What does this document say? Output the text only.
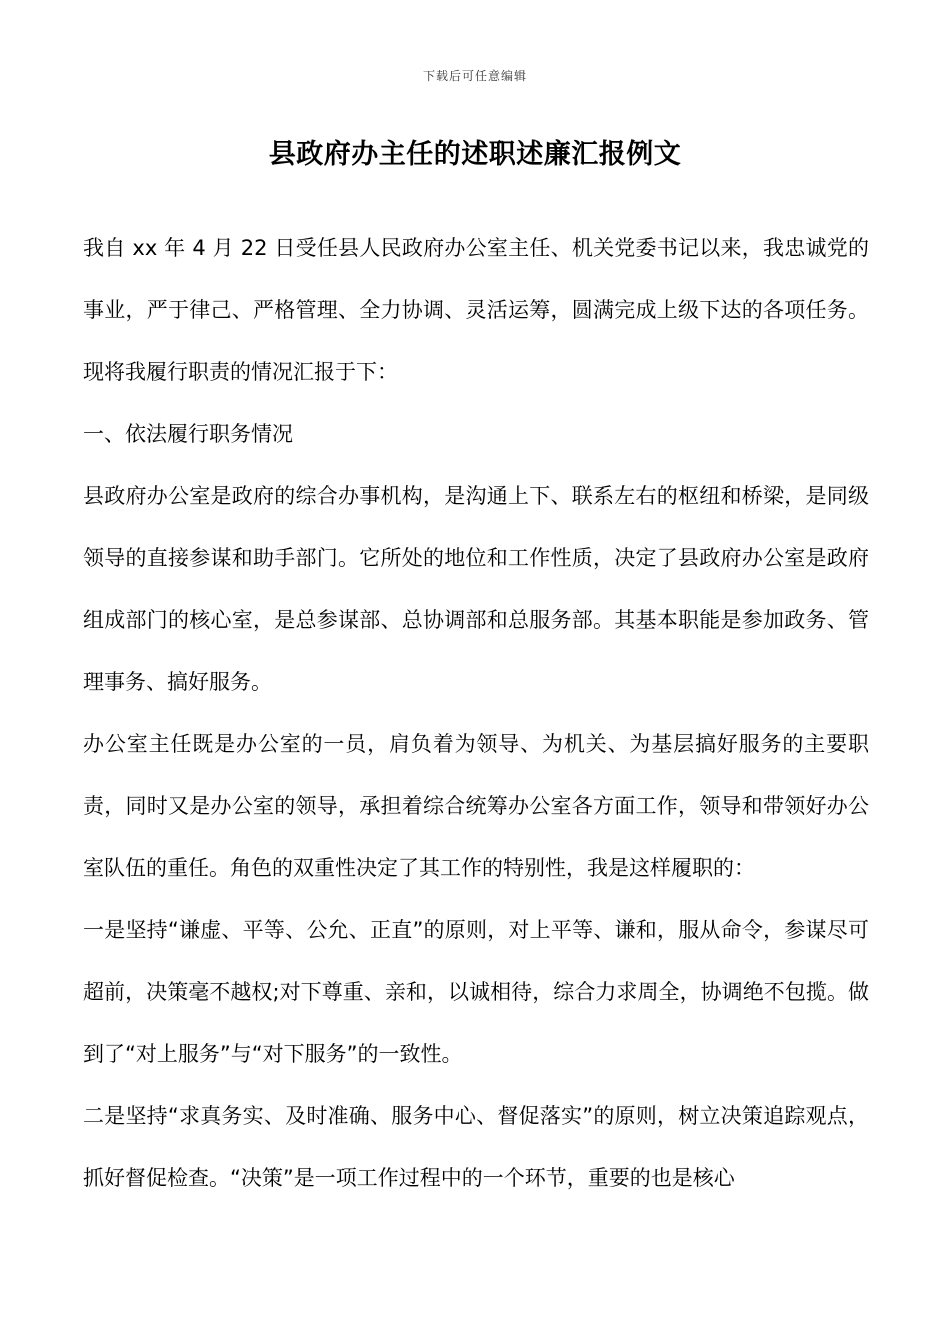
下载后可任意编辑
县政府办主任的述职述廉汇报例文

我自 xx 年 4 月 22 日受任县人民政府办公室主任、机关党委书记以来，我忠诚党的事业，严于律己、严格管理、全力协调、灵活运筹，圆满完成上级下达的各项任务。现将我履行职责的情况汇报于下：

一、依法履行职务情况

县政府办公室是政府的综合办事机构，是沟通上下、联系左右的枢纽和桥梁，是同级领导的直接参谋和助手部门。它所处的地位和工作性质，决定了县政府办公室是政府组成部门的核心室，是总参谋部、总协调部和总服务部。其基本职能是参加政务、管理事务、搞好服务。

办公室主任既是办公室的一员，肩负着为领导、为机关、为基层搞好服务的主要职责，同时又是办公室的领导，承担着综合统筹办公室各方面工作，领导和带领好办公室队伍的重任。角色的双重性决定了其工作的特别性，我是这样履职的：

一是坚持“谦虚、平等、公允、正直”的原则，对上平等、谦和，服从命令，参谋尽可超前，决策毫不越权;对下尊重、亲和，以诚相待，综合力求周全，协调绝不包揽。做到了“对上服务”与“对下服务”的一致性。

二是坚持“求真务实、及时准确、服务中心、督促落实”的原则，树立决策追踪观点，抓好督促检查。“决策”是一项工作过程中的一个环节，重要的也是核心
